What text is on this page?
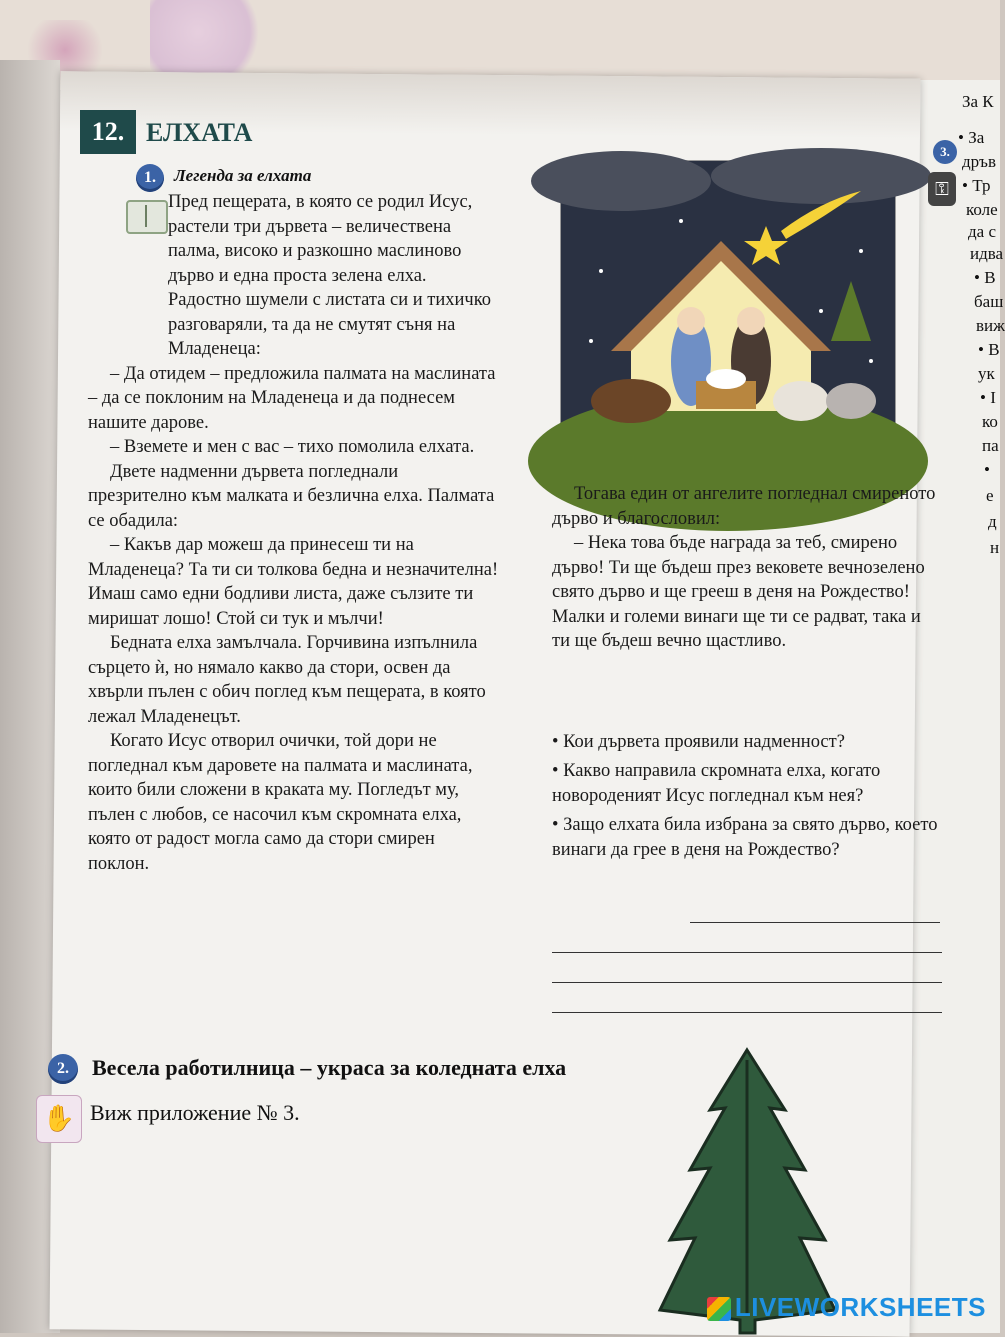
12. ЕЛХАТА
1.	Легенда за елхата

Пред пещерата, в която се родил Исус, растели три дървета – величествена палма, високо и разкошно маслиново дърво и една проста зелена елха. Радостно шумели с листата си и тихичко разговаряли, та да не смутят съня на Младенеца:

– Да отидем – предложила палмата на маслината – да се поклоним на Младенеца и да поднесем нашите дарове.

– Вземете и мен с вас – тихо помолила елхата.

Двете надменни дървета погледнали презрително към малката и безлична елха. Палмата се обадила:

– Какъв дар можеш да принесеш ти на Младенеца? Та ти си толкова бедна и незначителна! Имаш само едни бодливи листа, даже сълзите ти миришат лошо! Стой си тук и мълчи!

Бедната елха замълчала. Горчивина изпълнила сърцето ѝ, но нямало какво да стори, освен да хвърли пълен с обич поглед към пещерата, в която лежал Младенецът.

Когато Исус отворил очички, той дори не погледнал към даровете на палмата и маслината, които били сложени в краката му. Погледът му, пълен с любов, се насочил към скромната елха, която от радост могла само да стори смирен поклон.

Тогава един от ангелите погледнал смиреното дърво и благословил:

– Нека това бъде награда за теб, смирено дърво! Ти ще бъдеш през вековете вечнозелено свято дърво и ще грееш в деня на Рождество! Малки и големи винаги ще ти се радват, така и ти ще бъдеш вечно щастливо.

• Кои дървета проявили надменност?
• Какво направила скромната елха, когато новороденият Исус погледнал към нея?
• Защо елхата била избрана за свято дърво, което винаги да грее в деня на Рождество?
2.	Весела работилница – украса за коледната елха
✋ Виж приложение № 3.
3.
⚿
За К
• За
дръв
• Тр
коле
да с
идва
• В
баш
виж
• В
ук
• І
ко
па
•
е
д
н
LIVEWORKSHEETS
